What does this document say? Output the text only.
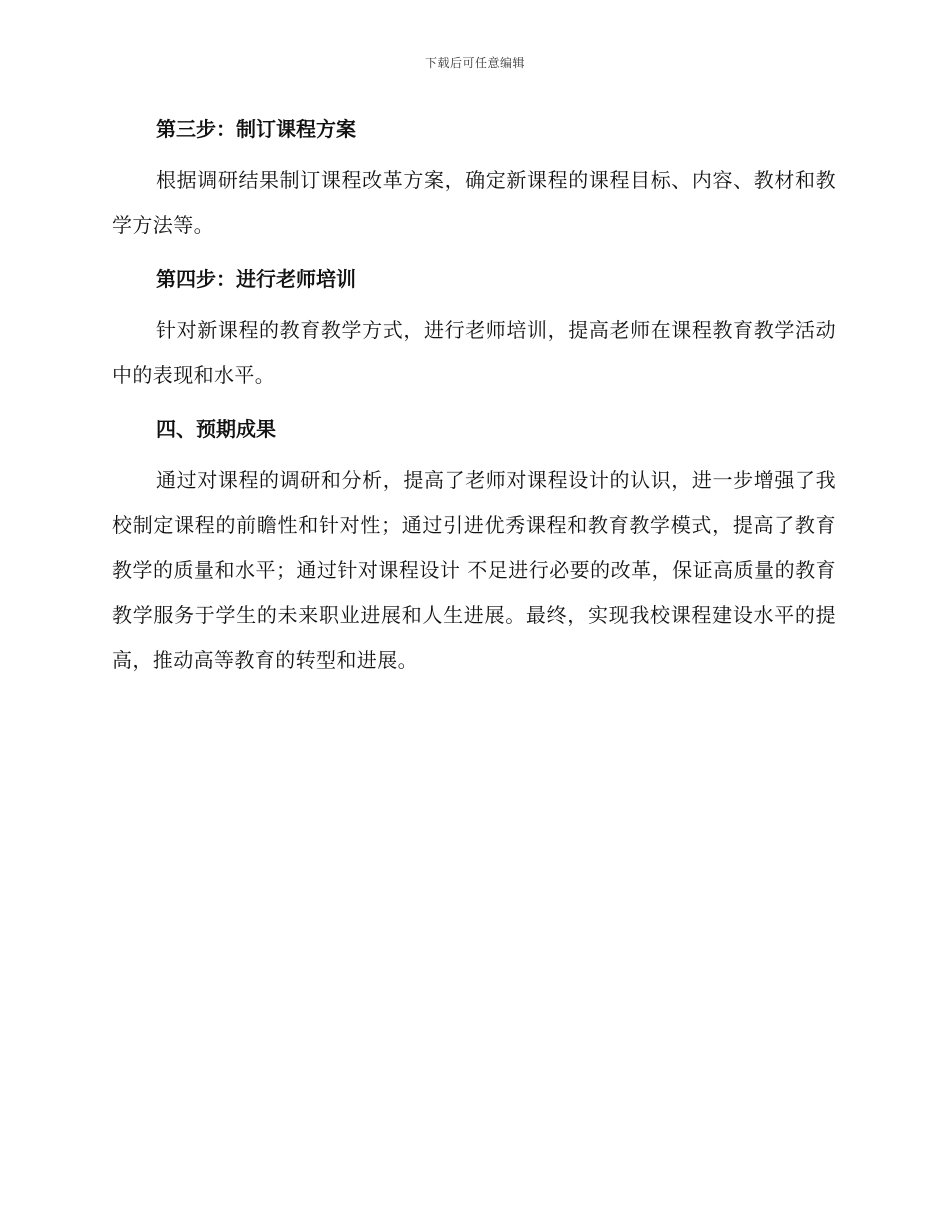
下载后可任意编辑

第三步：制订课程方案

根据调研结果制订课程改革方案，确定新课程的课程目标、内容、教材和教学方法等。

第四步：进行老师培训

针对新课程的教育教学方式，进行老师培训，提高老师在课程教育教学活动中的表现和水平。

四、预期成果

通过对课程的调研和分析，提高了老师对课程设计的认识，进一步增强了我校制定课程的前瞻性和针对性；通过引进优秀课程和教育教学模式，提高了教育教学的质量和水平；通过针对课程设计 不足进行必要的改革，保证高质量的教育教学服务于学生的未来职业进展和人生进展。最终，实现我校课程建设水平的提高，推动高等教育的转型和进展。
